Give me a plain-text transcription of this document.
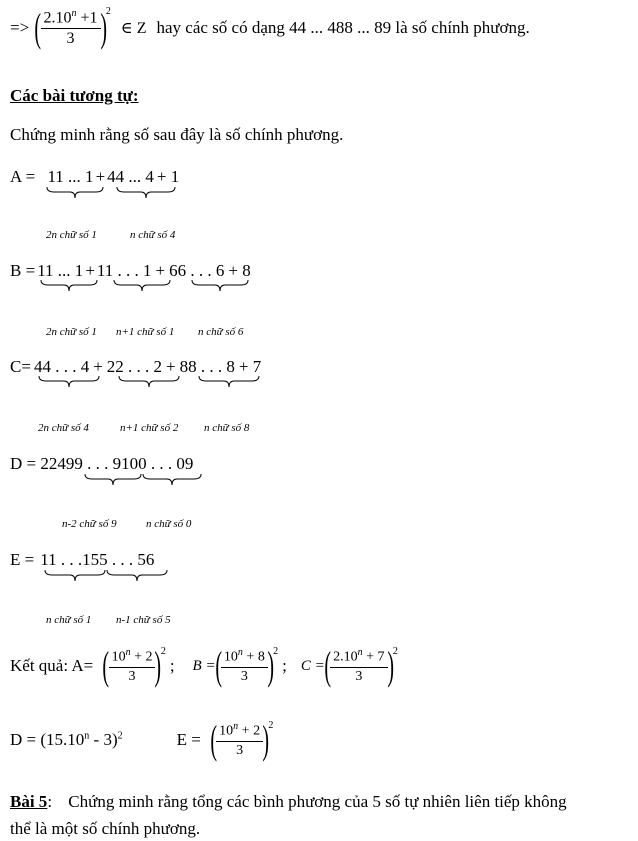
=> ( $\frac{2.10^n +1}{3}$ ) 2
∈ Z hay các số có dạng 44 ... 488 ... 89 là số chính phương.
Các bài tương tự:
Chứng minh rằng số sau đây là số chính phương.
A = 11 ... 1 + 44 ... 4 + 1
2n chữ số 1	n chữ số 4
B = 11 ... 1 + 11 . . . 1 + 66 . . . 6 + 8
2n chữ số 1 n+1 chữ số 1 n chữ số 6
C= 44 . . . 4 + 22 . . . 2 + 88 . . . 8 + 7
2n chữ số 4	n+1 chữ số 2 n chữ số 8
D = 22499 . . . 9100 . . . 09
n-2 chữ số 9	n chữ số 0
E = 11 . . .155 . . . 56
n chữ số 1 n-1 chữ số 5
Kết quả: A= ( $\frac{10^n + 2}{3}$ ) 2
; B = ( $\frac{10^n + 8}{3}$ ) 2
; C = ( $\frac{2.10^n + 7}{3}$ ) 2
$D = (15.10^n - 3)^2$	E = ( $\frac{10^n + 2}{3}$ ) 2
Bài 5: Chứng minh rằng tổng các bình phương của 5 số tự nhiên liên tiếp không
thể là một số chính phương.
